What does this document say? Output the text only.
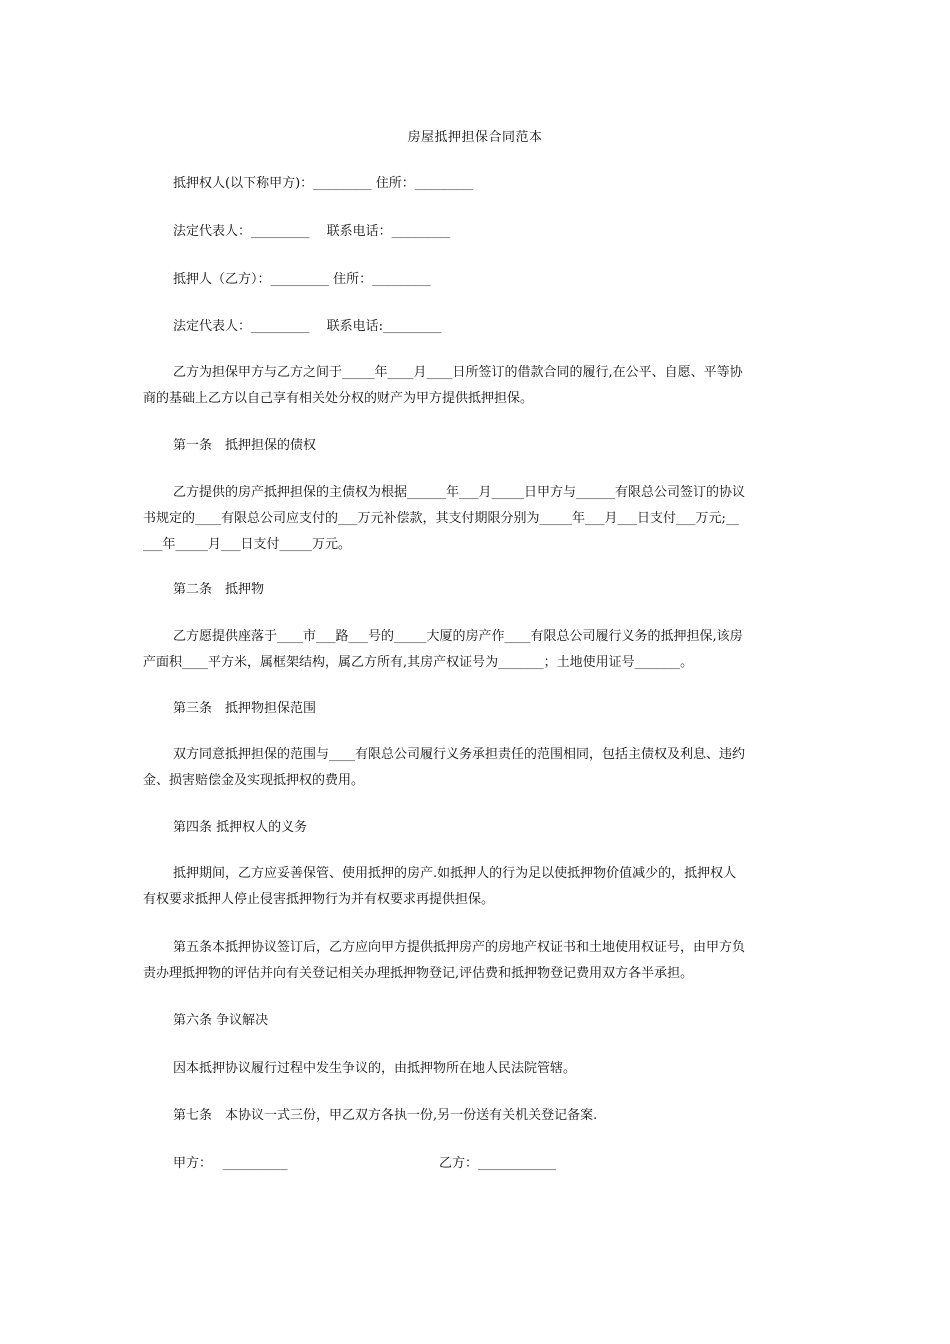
房屋抵押担保合同范本
抵押权人(以下称甲方)：_________ 住所：_________
法定代表人：_________　 联系电话：_________
抵押人（乙方）：_________ 住所：_________
法定代表人：_________　 联系电话:_________
乙方为担保甲方与乙方之间于_____年____月____日所签订的借款合同的履行,在公平、自愿、平等协
商的基础上乙方以自己享有相关处分权的财产为甲方提供抵押担保。
第一条　抵押担保的债权
乙方提供的房产抵押担保的主债权为根据______年___月_____日甲方与______有限总公司签订的协议
书规定的____有限总公司应支付的___万元补偿款，其支付期限分别为_____年___月___日支付___万元;__
___年_____月___日支付_____万元。
第二条　抵押物
乙方愿提供座落于____市___路___号的_____大厦的房产作____有限总公司履行义务的抵押担保,该房
产面积____平方米，属框架结构，属乙方所有,其房产权证号为_______；土地使用证号_______。
第三条　抵押物担保范围
双方同意抵押担保的范围与____有限总公司履行义务承担责任的范围相同，包括主债权及利息、违约
金、损害赔偿金及实现抵押权的费用。
第四条 抵押权人的义务
抵押期间，乙方应妥善保管、使用抵押的房产.如抵押人的行为足以使抵押物价值减少的，抵押权人
有权要求抵押人停止侵害抵押物行为并有权要求再提供担保。
第五条本抵押协议签订后，乙方应向甲方提供抵押房产的房地产权证书和土地使用权证号，由甲方负
责办理抵押物的评估并向有关登记相关办理抵押物登记,评估费和抵押物登记费用双方各半承担。
第六条 争议解决
因本抵押协议履行过程中发生争议的，由抵押物所在地人民法院管辖。
第七条　本协议一式三份，甲乙双方各执一份,另一份送有关机关登记备案.
甲方：　 __________	乙方：____________
